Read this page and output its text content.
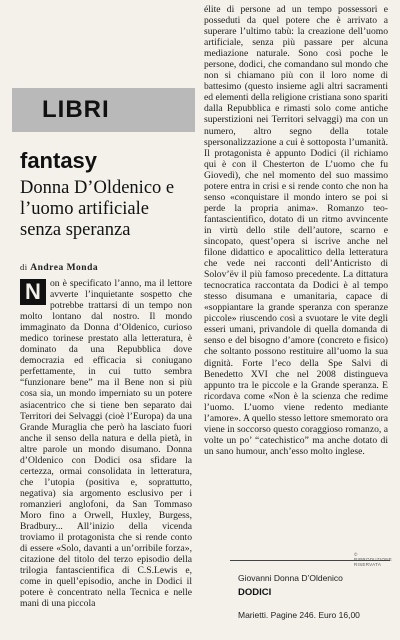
LIBRI
fantasy
Donna D’Oldenico e l’uomo artificiale senza speranza
di Andrea Monda
N on è specificato l’anno, ma il lettore avverte l’inquietante sospetto che potrebbe trattarsi di un tempo non molto lontano dal nostro. Il mondo immaginato da Donna d’Oldenico, curioso medico torinese prestato alla letteratura, è dominato da una Repubblica dove democrazia ed efficacia si coniugano perfettamente, in cui tutto sembra “funzionare bene” ma il Bene non si più cosa sia, un mondo imperniato su un potere asiacentrico che si tiene ben separato dai Territori dei Selvaggi (cioè l’Europa) da una Grande Muraglia che però ha lasciato fuori anche il senso della natura e della pietà, in altre parole un mondo disumano. Donna d’Oldenico con Dodici osa sfidare la certezza, ormai consolidata in letteratura, che l’utopia (positiva e, soprattutto, negativa) sia argomento esclusivo per i romanzieri anglofoni, da San Tommaso Moro fino a Orwell, Huxley, Burgess, Bradbury... All’inizio della vicenda troviamo il protagonista che si rende conto di essere «Solo, davanti a un’orribile forza», citazione del titolo del terzo episodio della trilogia fantascientifica di C.S.Lewis e, come in quell’episodio, anche in Dodici il potere è concentrato nella Tecnica e nelle mani di una piccola
élite di persone ad un tempo possessori e posseduti da quel potere che è arrivato a superare l’ultimo tabù: la creazione dell’uomo artificiale, senza più passare per alcuna mediazione naturale. Sono così poche le persone, dodici, che comandano sul mondo che non si chiamano più con il loro nome di battesimo (questo insieme agli altri sacramenti ed elementi della religione cristiana sono spariti dalla Repubblica e rimasti solo come antiche superstizioni nei Territori selvaggi) ma con un numero, altro segno della totale spersonalizzazione a cui è sottoposta l’umanità. Il protagonista è appunto Dodici (il richiamo qui è con il Chesterton de L’uomo che fu Giovedì), che nel momento del suo massimo potere entra in crisi e si rende conto che non ha senso «conquistare il mondo intero se poi si perde la propria anima». Romanzo teo-fantascientifico, dotato di un ritmo avvincente in virtù dello stile dell’autore, scarno e sincopato, quest’opera si iscrive anche nel filone didattico e apocalittico della letteratura che vede nei racconti dell’Anticristo di Solov’ëv il più famoso precedente. La dittatura tecnocratica raccontata da Dodici è al tempo stesso disumana e umanitaria, capace di «soppiantare la grande speranza con speranze piccole» riuscendo così a svuotare le vite degli esseri umani, privandole di quella domanda di senso e del bisogno d’amore (concreto e fisico) che soltanto possono restituire all’uomo la sua dignità. Forte l’eco della Spe Salvi di Benedetto XVI che nel 2008 distingueva appunto tra le piccole e la Grande speranza. E ricordava come «Non è la scienza che redime l’uomo. L’uomo viene redento mediante l’amore». A quello stesso lettore smemorato ora viene in soccorso questo coraggioso romanzo, a volte un po’ “catechistico” ma anche dotato di un sano humour, anch’esso molto inglese.
© RIPRODUZIONE RISERVATA
Giovanni Donna D’Oldenico
DODICI
Marietti. Pagine 246. Euro 16,00
